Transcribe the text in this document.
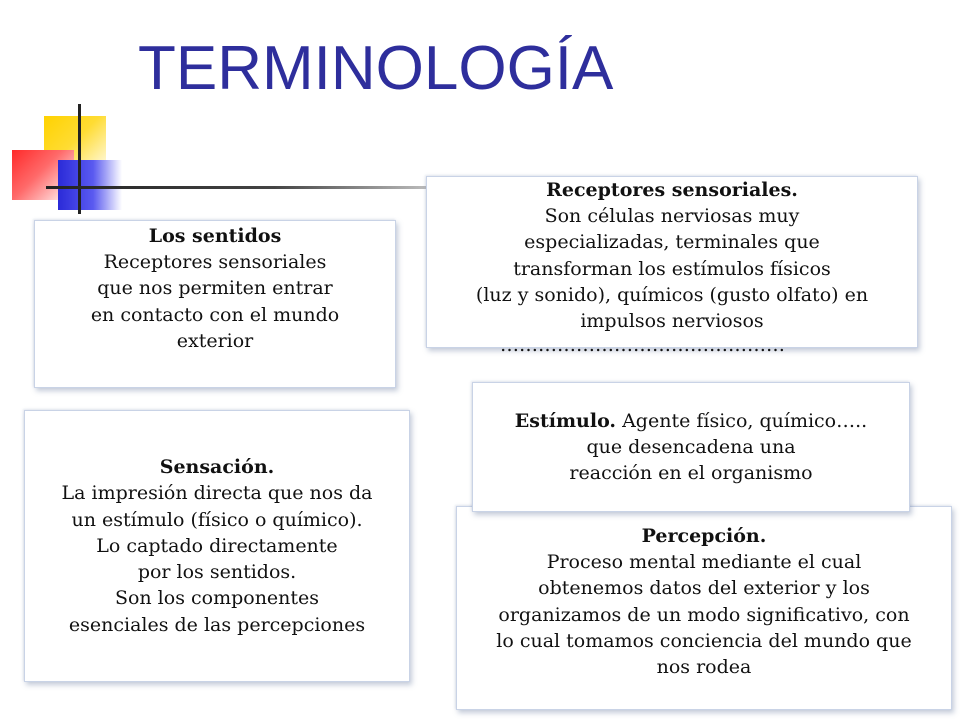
TERMINOLOGÍA
Los sentidos
Receptores sensoriales
que nos permiten entrar
en contacto con el mundo
exterior	………………………………………
Receptores sensoriales.
Son células nerviosas muy
especializadas, terminales que
transforman los estímulos físicos
(luz y sonido), químicos (gusto olfato) en
impulsos nerviosos
Sensación.
La impresión directa que nos da
un estímulo (físico o químico).
Lo captado directamente
por los sentidos.
Son los componentes
esenciales de las percepciones
Percepción.
Proceso mental mediante el cual
obtenemos datos del exterior y los
organizamos de un modo significativo, con
lo cual tomamos conciencia del mundo que
nos rodea
Estímulo. Agente físico, químico…..
que desencadena una
reacción en el organismo
